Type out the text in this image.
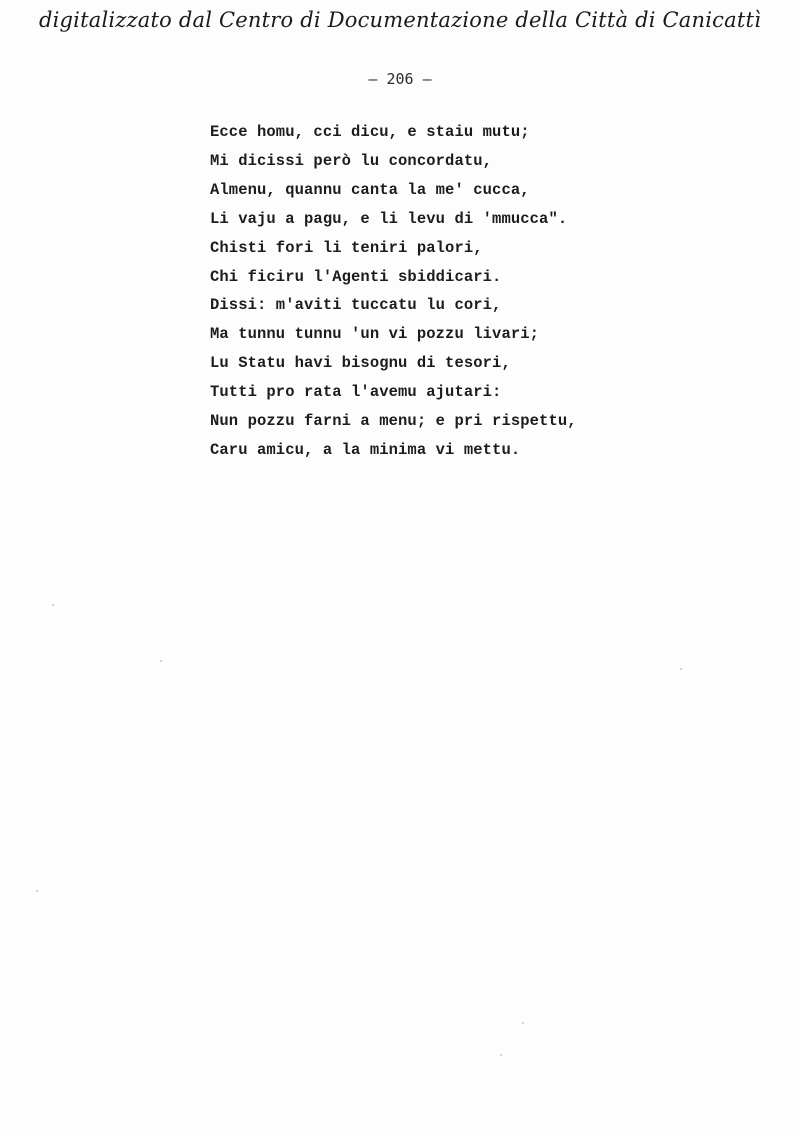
digitalizzato dal Centro di Documentazione della Città di Canicattì
– 206 –
Ecce homu, cci dicu, e staiu mutu;
Mi dicissi però lu concordatu,
Almenu, quannu canta la me' cucca,
Li vaju a pagu, e li levu di 'mmucca".
Chisti fori li teniri palori,
Chi ficiru l'Agenti sbiddicari.
Dissi: m'aviti tuccatu lu cori,
Ma tunnu tunnu 'un vi pozzu livari;
Lu Statu havi bisognu di tesori,
Tutti pro rata l'avemu ajutari:
Nun pozzu farni a menu; e pri rispettu,
Caru amicu, a la minima vi mettu.
